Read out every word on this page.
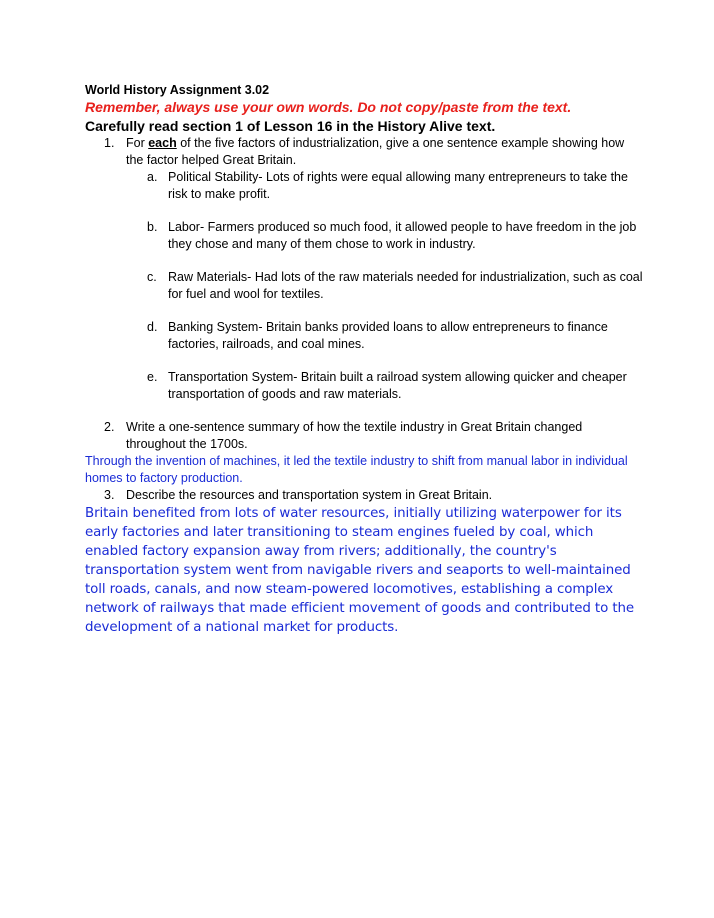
World History Assignment 3.02

Remember, always use your own words. Do not copy/paste from the text.

Carefully read section 1 of Lesson 16 in the History Alive text.

1. For each of the five factors of industrialization, give a one sentence example showing how the factor helped Great Britain.
a. Political Stability- Lots of rights were equal allowing many entrepreneurs to take the risk to make profit.
b. Labor- Farmers produced so much food, it allowed people to have freedom in the job they chose and many of them chose to work in industry.
c. Raw Materials- Had lots of the raw materials needed for industrialization, such as coal for fuel and wool for textiles.
d. Banking System- Britain banks provided loans to allow entrepreneurs to finance factories, railroads, and coal mines.
e. Transportation System- Britain built a railroad system allowing quicker and cheaper transportation of goods and raw materials.
2. Write a one-sentence summary of how the textile industry in Great Britain changed throughout the 1700s.

Through the invention of machines, it led the textile industry to shift from manual labor in individual homes to factory production.

3. Describe the resources and transportation system in Great Britain.

Britain benefited from lots of water resources, initially utilizing waterpower for its early factories and later transitioning to steam engines fueled by coal, which enabled factory expansion away from rivers; additionally, the country's transportation system went from navigable rivers and seaports to well-maintained toll roads, canals, and now steam-powered locomotives, establishing a complex network of railways that made efficient movement of goods and contributed to the development of a national market for products.
